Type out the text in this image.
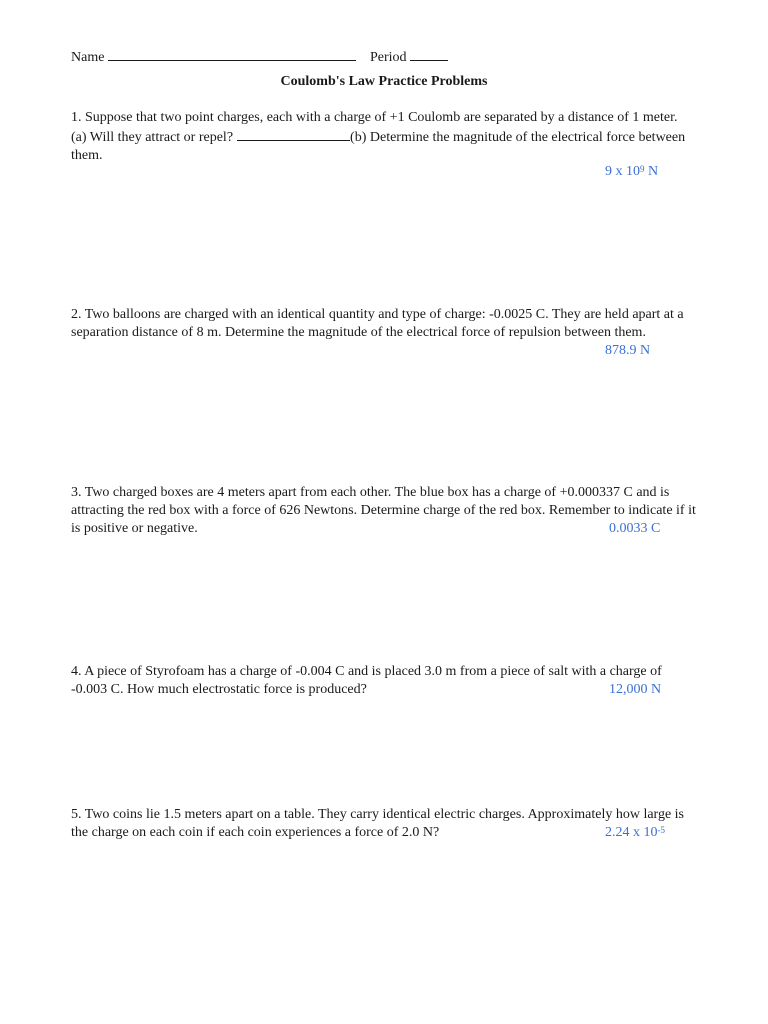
Name	Period
Coulomb's Law Practice Problems
1. Suppose that two point charges, each with a charge of +1 Coulomb are separated by a distance of 1 meter. (a) Will they attract or repel?	(b) Determine the magnitude of the electrical force between them.
9 x $10^9$ N
2. Two balloons are charged with an identical quantity and type of charge: -0.0025 C. They are held apart at a separation distance of 8 m. Determine the magnitude of the electrical force of repulsion between them.
878.9 N
3. Two charged boxes are 4 meters apart from each other. The blue box has a charge of +0.000337 C and is attracting the red box with a force of 626 Newtons. Determine charge of the red box. Remember to indicate if it is positive or negative.	0.0033 C
4. A piece of Styrofoam has a charge of -0.004 C and is placed 3.0 m from a piece of salt with a charge of -0.003 C. How much electrostatic force is produced?	12,000 N
5. Two coins lie 1.5 meters apart on a table. They carry identical electric charges. Approximately how large is the charge on each coin if each coin experiences a force of 2.0 N?	2.24 x $10^{-5}$
